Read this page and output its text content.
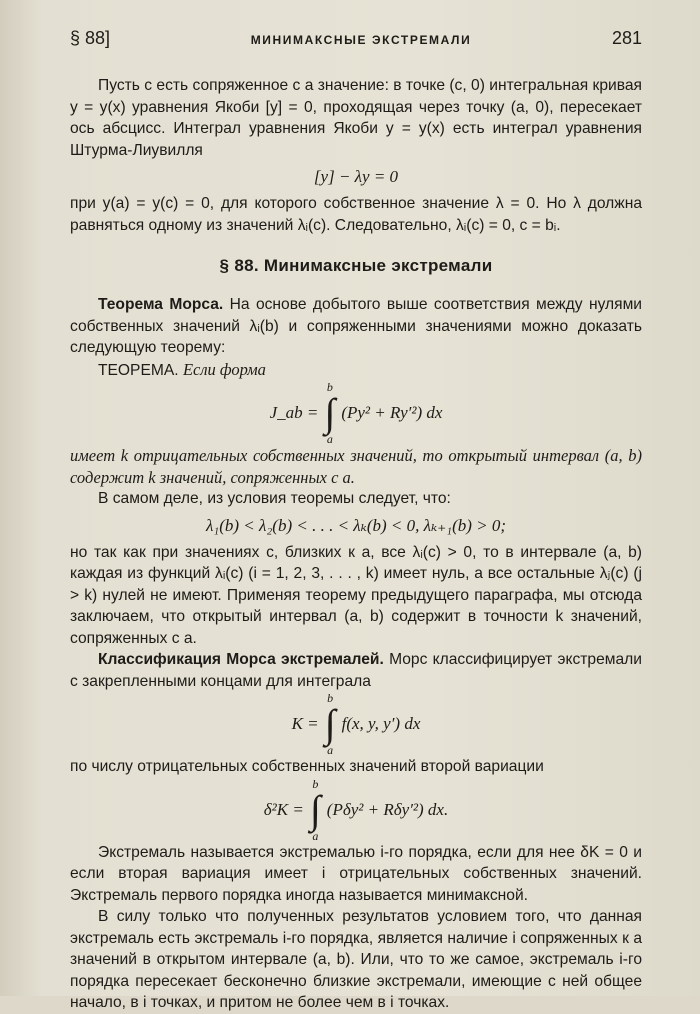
§ 88]	МИНИМАКСНЫЕ ЭКСТРЕМАЛИ	281

Пусть c есть сопряженное с a значение: в точке (c, 0) интегральная кривая y = y(x) уравнения Якоби [y] = 0, проходящая через точку (a, 0), пересекает ось абсцисс. Интеграл уравнения Якоби y = y(x) есть интеграл уравнения Штурма-Лиувилля

[y] − λy = 0

при y(a) = y(c) = 0, для которого собственное значение λ = 0. Но λ должна равняться одному из значений λᵢ(c). Следовательно, λᵢ(c) = 0, c = bᵢ.

§ 88. Минимаксные экстремали

Теорема Морса. На основе добытого выше соответствия между нулями собственных значений λᵢ(b) и сопряженными значениями можно доказать следующую теорему:

ТЕОРЕМА. Если форма

J_ab =
b
∫
a
(Py² + Ry′²) dx

имеет k отрицательных собственных значений, то открытый интервал (a, b) содержит k значений, сопряженных с a.

В самом деле, из условия теоремы следует, что:

λ₁(b) < λ₂(b) < . . . < λₖ(b) < 0, λₖ₊₁(b) > 0;

но так как при значениях c, близких к a, все λᵢ(c) > 0, то в интервале (a, b) каждая из функций λᵢ(c) (i = 1, 2, 3, . . . , k) имеет нуль, а все остальные λⱼ(c) (j > k) нулей не имеют. Применяя теорему предыдущего параграфа, мы отсюда заключаем, что открытый интервал (a, b) содержит в точности k значений, сопряженных с a.

Классификация Морса экстремалей. Морс классифицирует экстремали с закрепленными концами для интеграла

K =
b
∫
a
f(x, y, y′) dx

по числу отрицательных собственных значений второй вариации

δ²K =
b
∫
a
(Pδy² + Rδy′²) dx.

Экстремаль называется экстремалью i-го порядка, если для нее δK = 0 и если вторая вариация имеет i отрицательных собственных значений. Экстремаль первого порядка иногда называется минимаксной.

В силу только что полученных результатов условием того, что данная экстремаль есть экстремаль i-го порядка, является наличие i сопряженных к a значений в открытом интервале (a, b). Или, что то же самое, экстремаль i-го порядка пересекает бесконечно близкие экстремали, имеющие с ней общее начало, в i точках, и притом не более чем в i точках.
